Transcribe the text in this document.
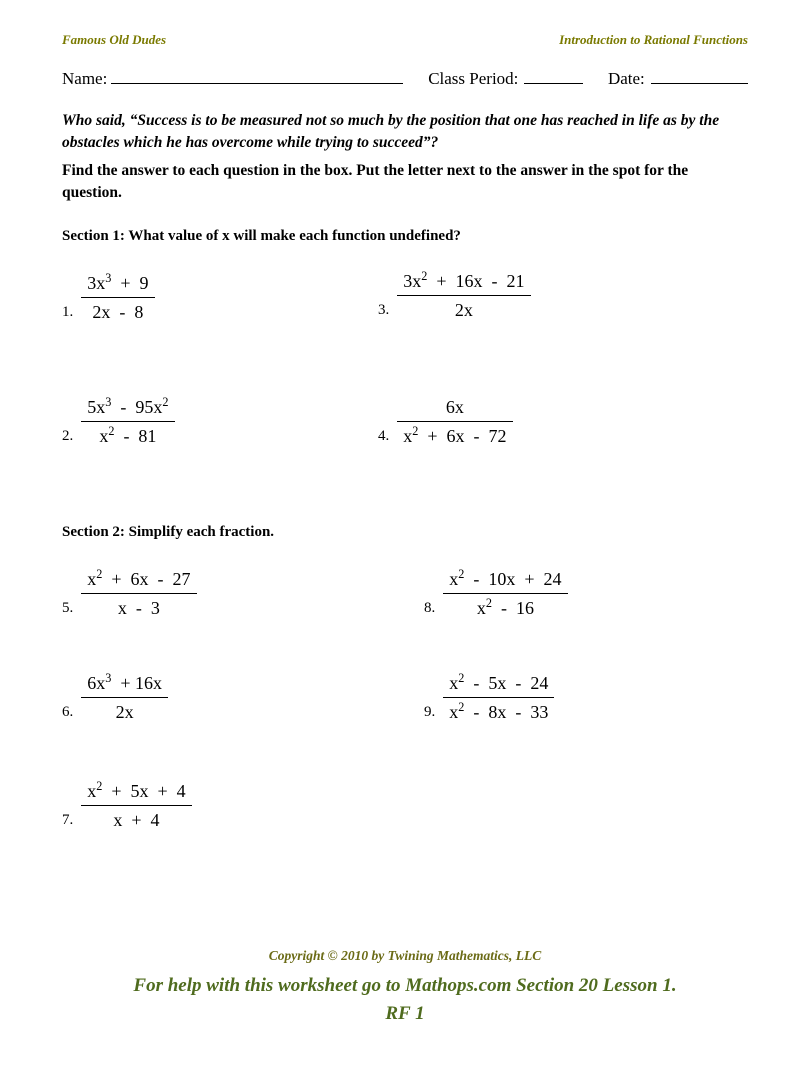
Famous Old Dudes	Introduction to Rational Functions
Name:	Class Period:	Date:
Who said, “Success is to be measured not so much by the position that one has reached in life as by the obstacles which he has overcome while trying to succeed”?
Find the answer to each question in the box. Put the letter next to the answer in the spot for the question.
Section 1: What value of x will make each function undefined?
1. $\frac{3x^3 + 9}{2x - 8}$
2. $\frac{5x^3 - 95x^2}{x^2 - 81}$
3. $\frac{3x^2 + 16x - 21}{2x}$
4. $\frac{6x}{x^2 + 6x - 72}$
Section 2: Simplify each fraction.
5. $\frac{x^2 + 6x - 27}{x - 3}$
6. $\frac{6x^3 + 16x}{2x}$
7. $\frac{x^2 + 5x + 4}{x + 4}$
8. $\frac{x^2 - 10x + 24}{x^2 - 16}$
9. $\frac{x^2 - 5x - 24}{x^2 - 8x - 33}$
Copyright © 2010 by Twining Mathematics, LLC
For help with this worksheet go to Mathops.com Section 20 Lesson 1.
RF 1
